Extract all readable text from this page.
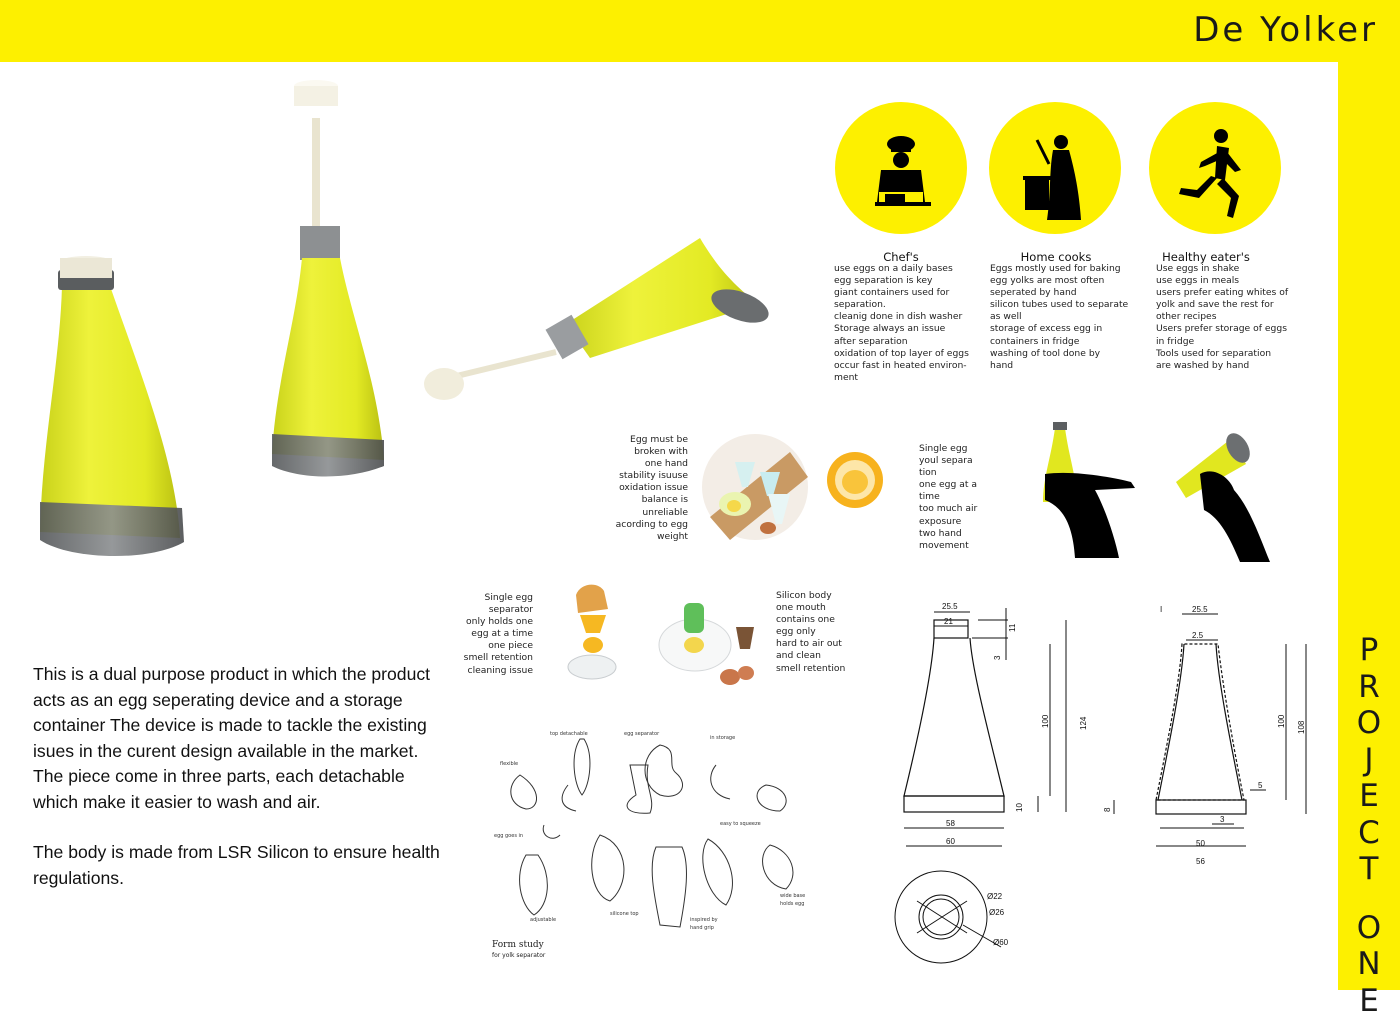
De Yolker
P
R
O
J
E
C
T
O
N
E
Chef's	Home cooks	Healthy eater's
use eggs on a daily bases
egg separation is key
giant containers used for
separation.
cleanig done in dish washer
Storage always an issue
after separation
oxidation of top layer of eggs
occur fast in heated environ-
ment
Eggs mostly used for baking
egg yolks are most often
seperated by hand
silicon tubes used to separate
as well
storage of excess egg in
containers in fridge
washing of tool done by
hand
Use eggs in shake
use eggs in meals
users prefer eating whites of
yolk and save the rest for
other recipes
Users prefer storage of eggs
in fridge
Tools used for separation
are washed by hand
Egg must be
broken with
one hand
stability isuuse
oxidation issue
balance is
unreliable
acording to egg
weight
Single egg
youl separa
tion
one egg at a
time
too much air
exposure
two hand
movement
Single egg
separator
only holds one
egg at a time
one piece
smell retention
cleaning issue
Silicon body
one mouth
contains one
egg only
hard to air out
and clean
smell retention

This is a dual purpose product in which the product acts as an egg seperating device and a storage container The device is made to tackle the existing isues in the curent design available in the market. The piece come in three parts, each detachable which make it easier to wash and air.

The body is made from LSR Silicon to ensure health regulations.

top detachable	egg separator
in storage
flexible
easy to squeeze
egg goes in
adjustable
silicone top
inspired by
hand grip
wide base
holds egg
Form study
for yolk separator
25.5
21
11
3
100	124
10
58
60
I	25.5
2.5
100 108
5
8
3
50
56
Ø22
Ø26
Ø60
